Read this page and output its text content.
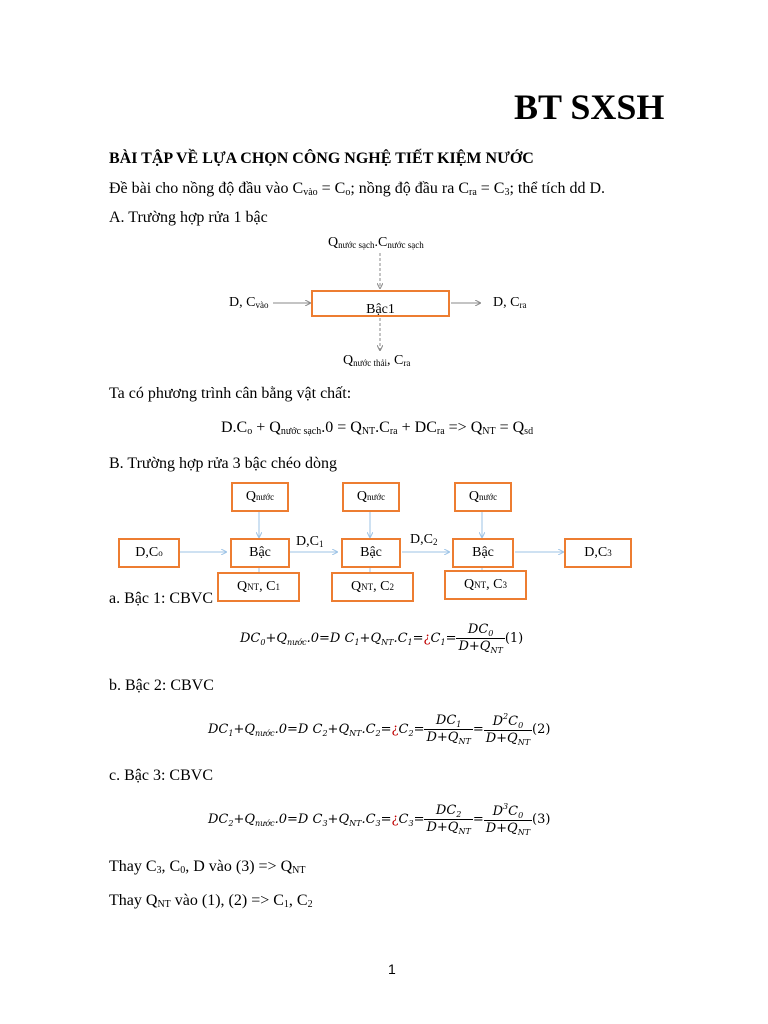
BT SXSH
BÀI TẬP VỀ LỰA CHỌN CÔNG NGHỆ TIẾT KIỆM NƯỚC
Đề bài cho nồng độ đầu vào $C_{vào} = C_o$; nồng độ đầu ra $C_{ra} = C_3$; thể tích dd D.
A. Trường hợp rửa 1 bậc
Qnước sạch.Cnước sạch
D, Cvào	Bậc1	D, Cra
Qnước thải, Cra
Ta có phương trình cân bằng vật chất:
$D.C_o + Q_{nước sạch}.0 = Q_{NT}.C_{ra} + DC_{ra} => Q_{NT} = Q_{sd}$
B. Trường hợp rửa 3 bậc chéo dòng
Q nước	Q nước	Q nước
D,C o	Bậc	Bậc	Bậc	D,C 3
D,C1	D,C2
a. Bậc 1: CBVC
Q NT , C 1	Q NT , C 2	Q NT , C 3
$DC_0+Q_{nước}.0=D$ $C_1+Q_{NT}.C_1=¿C_1= \frac{DC_0}{D+Q_{NT}} (1)$
b. Bậc 2: CBVC
$DC_1+Q_{nước}.0=D$ $C_2+Q_{NT}.C_2=¿C_2= \frac{DC_1}{D+Q_{NT}} = \frac{D^2C_0}{D+Q_{NT}} (2)$
c. Bậc 3: CBVC
$DC_2+Q_{nước}.0=D$ $C_3+Q_{NT}.C_3=¿C_3= \frac{DC_2}{D+Q_{NT}} = \frac{D^3C_0}{D+Q_{NT}} (3)$
Thay $C_3$, $C_0$, D vào $(3) => Q_{NT}$
Thay $Q_{NT}$ vào (1), $(2) => C_1$, $C_2$
1
